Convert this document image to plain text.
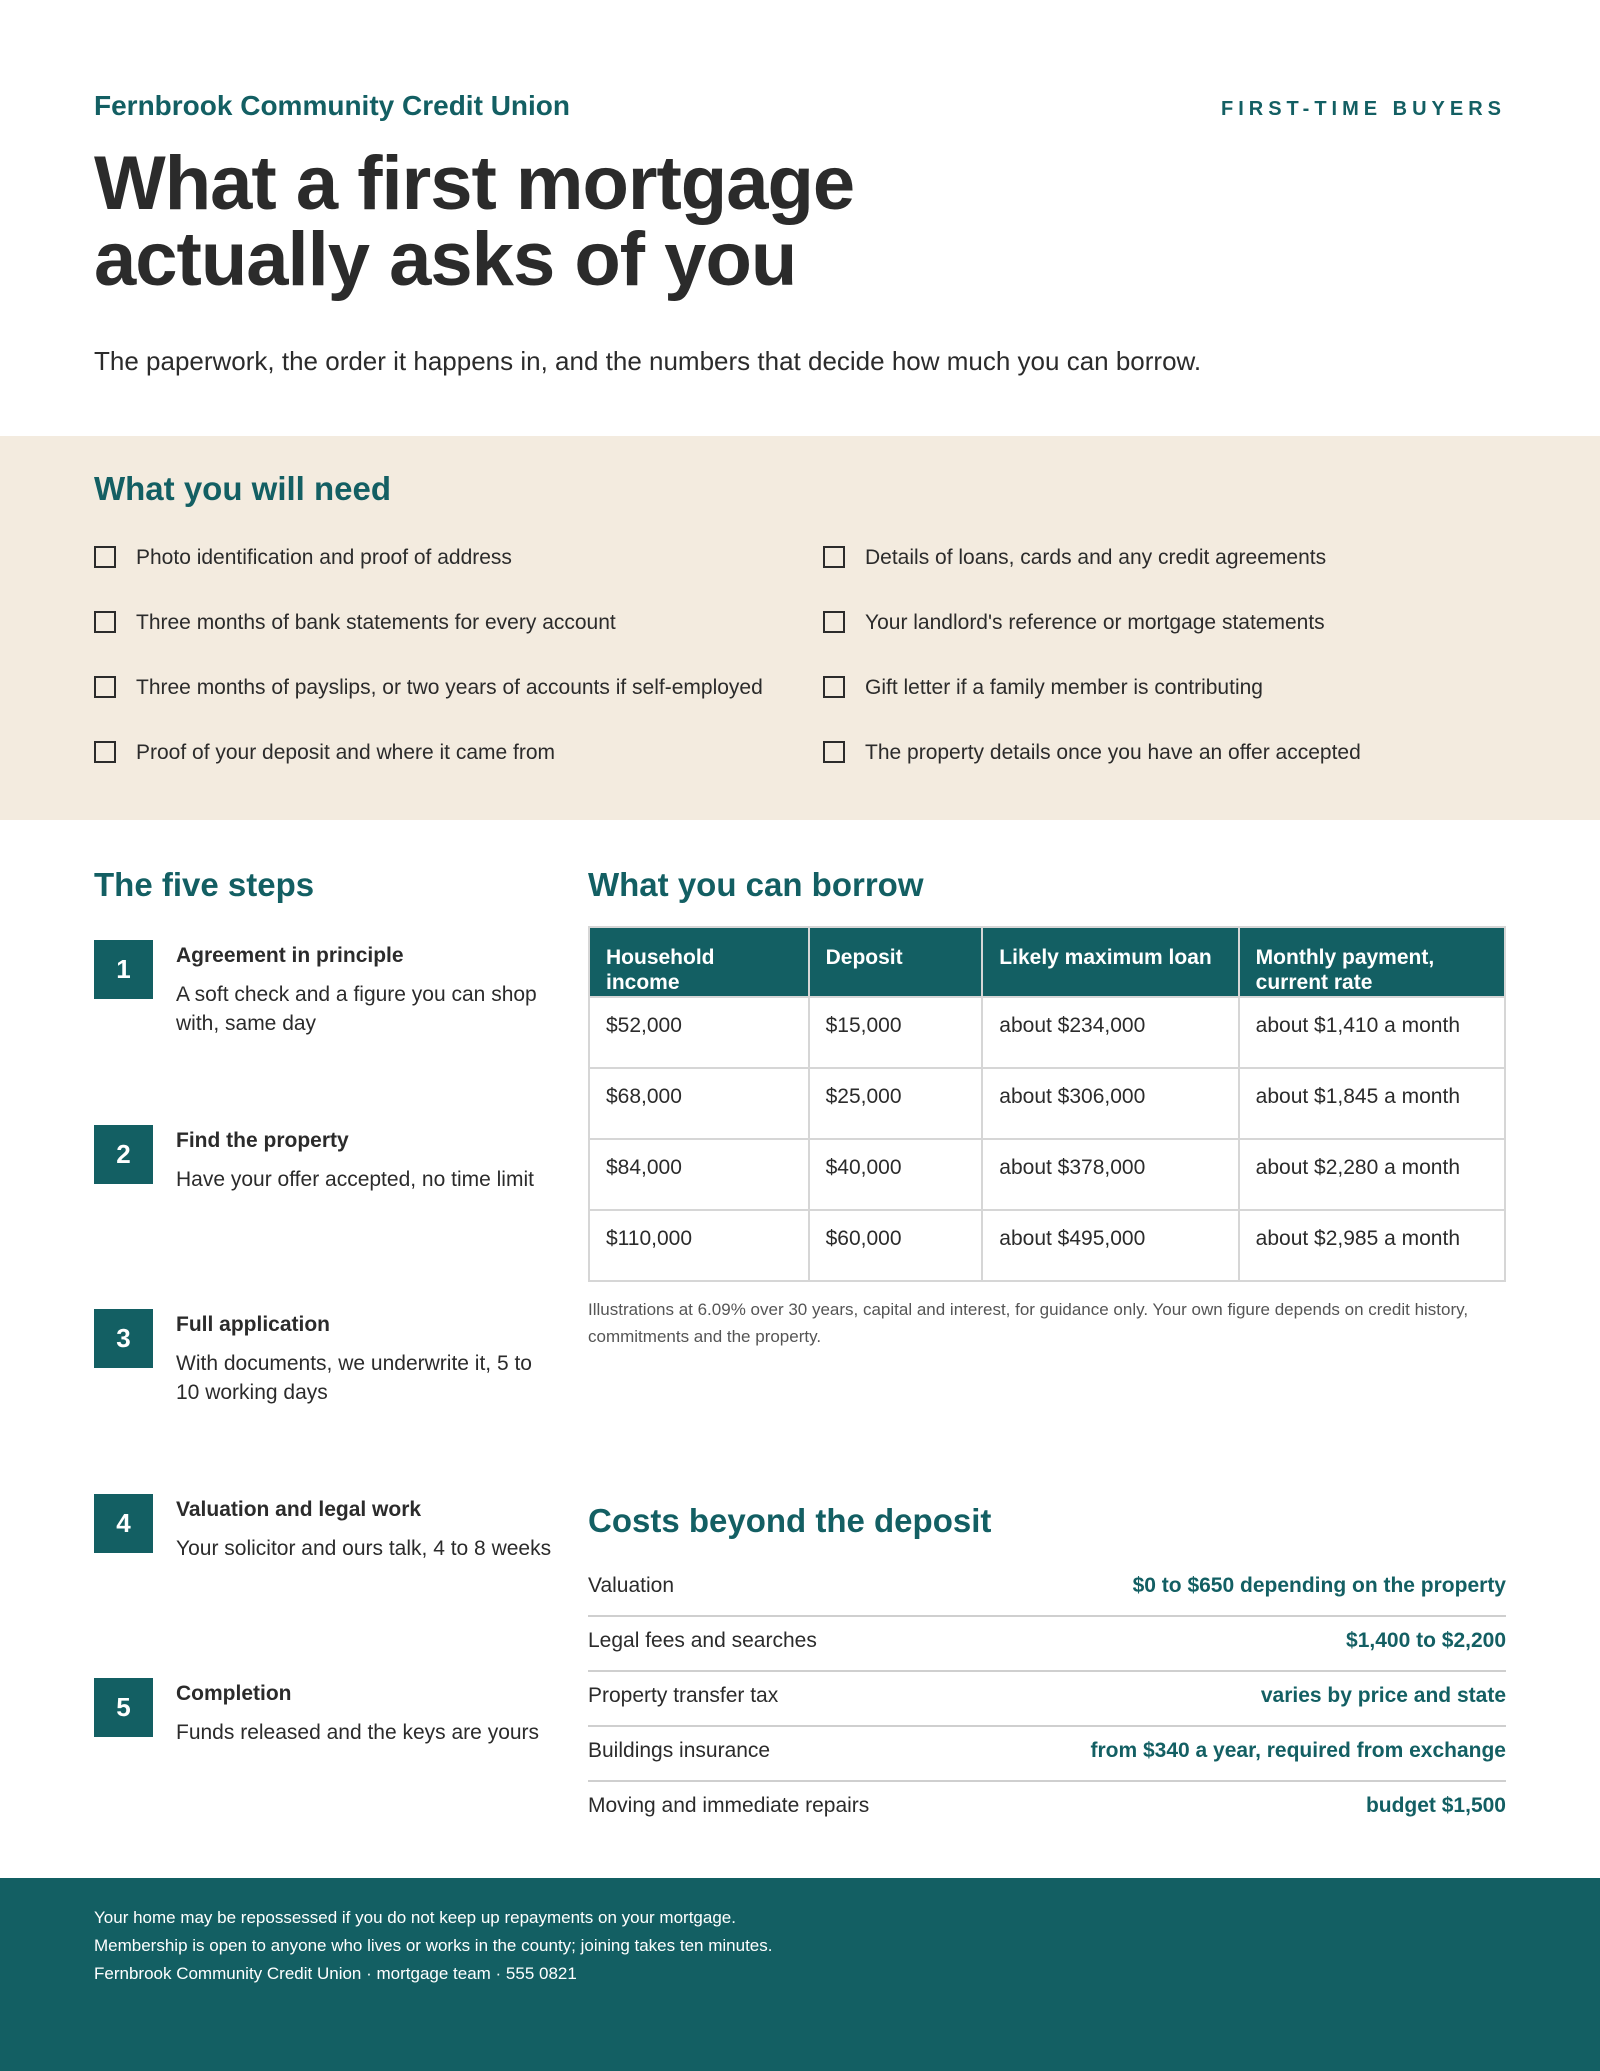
Fernbrook Community Credit Union	FIRST-TIME BUYERS
What a first mortgage
actually asks of you
The paperwork, the order it happens in, and the numbers that decide how much you can borrow.
What you will need
Photo identification and proof of address	Details of loans, cards and any credit agreements
Three months of bank statements for every account	Your landlord's reference or mortgage statements
Three months of payslips, or two years of accounts if self-employed	Gift letter if a family member is contributing
Proof of your deposit and where it came from	The property details once you have an offer accepted
The five steps
1	Agreement in principle
A soft check and a figure you can shop with, same day
2	Find the property
Have your offer accepted, no time limit
3	Full application
With documents, we underwrite it, 5 to 10 working days
4	Valuation and legal work
Your solicitor and ours talk, 4 to 8 weeks
5	Completion
Funds released and the keys are yours
What you can borrow
Household income	Deposit	Likely maximum loan	Monthly payment, current rate
$52,000	$15,000	about $234,000	about $1,410 a month
$68,000	$25,000	about $306,000	about $1,845 a month
$84,000	$40,000	about $378,000	about $2,280 a month
$110,000	$60,000	about $495,000	about $2,985 a month
Illustrations at 6.09% over 30 years, capital and interest, for guidance only. Your own figure depends on credit history, commitments and the property.
Costs beyond the deposit
Valuation	$0 to $650 depending on the property
Legal fees and searches	$1,400 to $2,200
Property transfer tax	varies by price and state
Buildings insurance	from $340 a year, required from exchange
Moving and immediate repairs	budget $1,500
Your home may be repossessed if you do not keep up repayments on your mortgage.
Membership is open to anyone who lives or works in the county; joining takes ten minutes.
Fernbrook Community Credit Union · mortgage team · 555 0821
